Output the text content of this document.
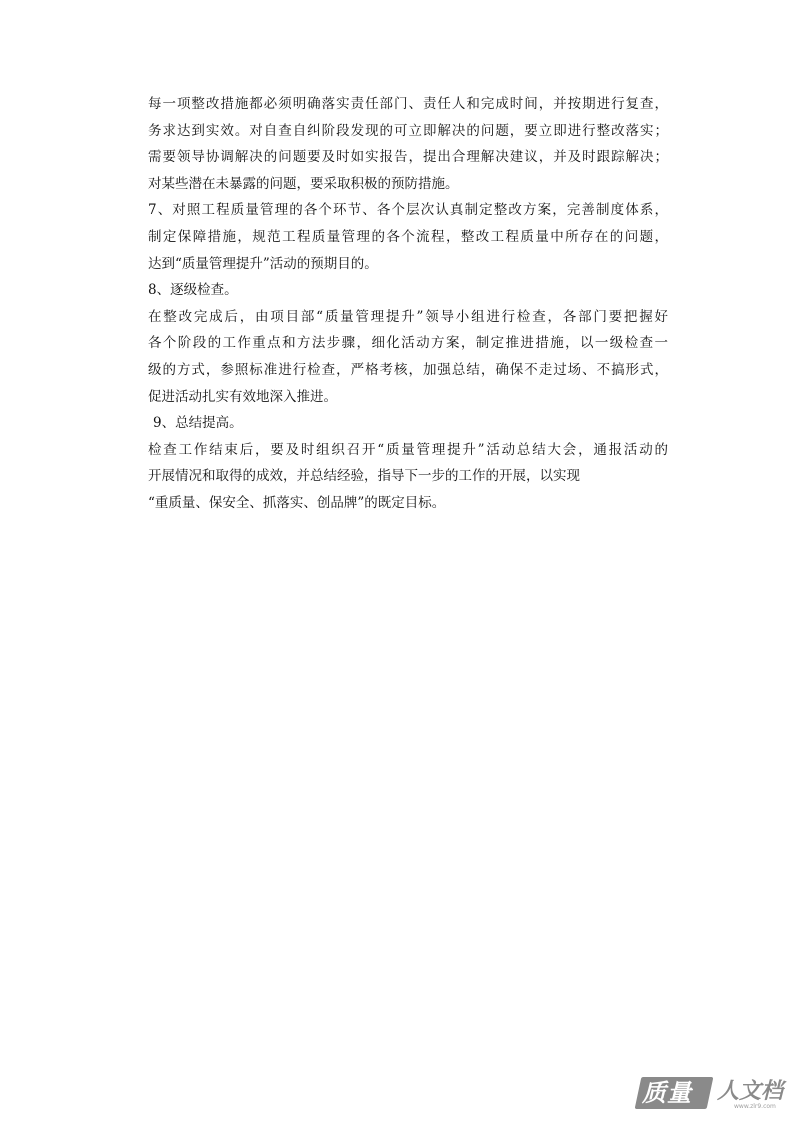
每一项整改措施都必须明确落实责任部门、责任人和完成时间，并按期进行复查，
务求达到实效。对自查自纠阶段发现的可立即解决的问题，要立即进行整改落实；
需要领导协调解决的问题要及时如实报告，提出合理解决建议，并及时跟踪解决；
对某些潜在未暴露的问题，要采取积极的预防措施。
7、对照工程质量管理的各个环节、各个层次认真制定整改方案，完善制度体系，
制定保障措施，规范工程质量管理的各个流程，整改工程质量中所存在的问题，
达到“质量管理提升”活动的预期目的。
8、逐级检查。
在整改完成后，由项目部“质量管理提升”领导小组进行检查，各部门要把握好
各个阶段的工作重点和方法步骤，细化活动方案，制定推进措施，以一级检查一
级的方式，参照标准进行检查，严格考核，加强总结，确保不走过场、不搞形式，
促进活动扎实有效地深入推进。
9、总结提高。
检查工作结束后，要及时组织召开“质量管理提升”活动总结大会，通报活动的
开展情况和取得的成效，并总结经验，指导下一步的工作的开展，以实现
“重质量、保安全、抓落实、创品牌”的既定目标。
质量	人文档
www.zlr9.com
